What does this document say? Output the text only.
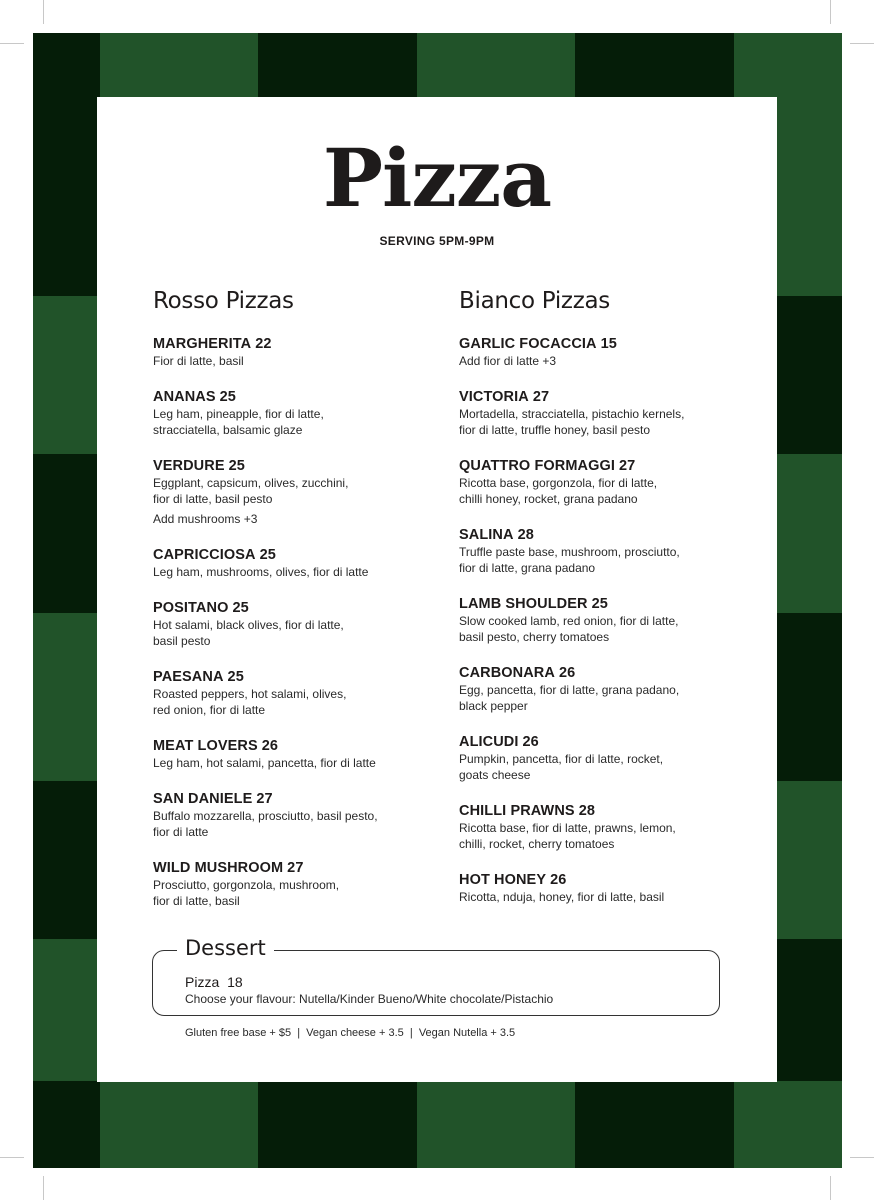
Pizza
SERVING 5PM-9PM
Rosso Pizzas
MARGHERITA 22
Fior di latte, basil
ANANAS 25
Leg ham, pineapple, fior di latte,
stracciatella, balsamic glaze
VERDURE 25
Eggplant, capsicum, olives, zucchini,
fior di latte, basil pesto
Add mushrooms +3
CAPRICCIOSA 25
Leg ham, mushrooms, olives, fior di latte
POSITANO 25
Hot salami, black olives, fior di latte,
basil pesto
PAESANA 25
Roasted peppers, hot salami, olives,
red onion, fior di latte
MEAT LOVERS 26
Leg ham, hot salami, pancetta, fior di latte
SAN DANIELE 27
Buffalo mozzarella, prosciutto, basil pesto,
fior di latte
WILD MUSHROOM 27
Prosciutto, gorgonzola, mushroom,
fior di latte, basil
Bianco Pizzas
GARLIC FOCACCIA 15
Add fior di latte +3
VICTORIA 27
Mortadella, stracciatella, pistachio kernels,
fior di latte, truffle honey, basil pesto
QUATTRO FORMAGGI 27
Ricotta base, gorgonzola, fior di latte,
chilli honey, rocket, grana padano
SALINA 28
Truffle paste base, mushroom, prosciutto,
fior di latte, grana padano
LAMB SHOULDER 25
Slow cooked lamb, red onion, fior di latte,
basil pesto, cherry tomatoes
CARBONARA 26
Egg, pancetta, fior di latte, grana padano,
black pepper
ALICUDI 26
Pumpkin, pancetta, fior di latte, rocket,
goats cheese
CHILLI PRAWNS 28
Ricotta base, fior di latte, prawns, lemon,
chilli, rocket, cherry tomatoes
HOT HONEY 26
Ricotta, nduja, honey, fior di latte, basil
Dessert
Pizza 18
Choose your flavour: Nutella/Kinder Bueno/White chocolate/Pistachio
Gluten free base + $5  |  Vegan cheese + 3.5  |  Vegan Nutella + 3.5
